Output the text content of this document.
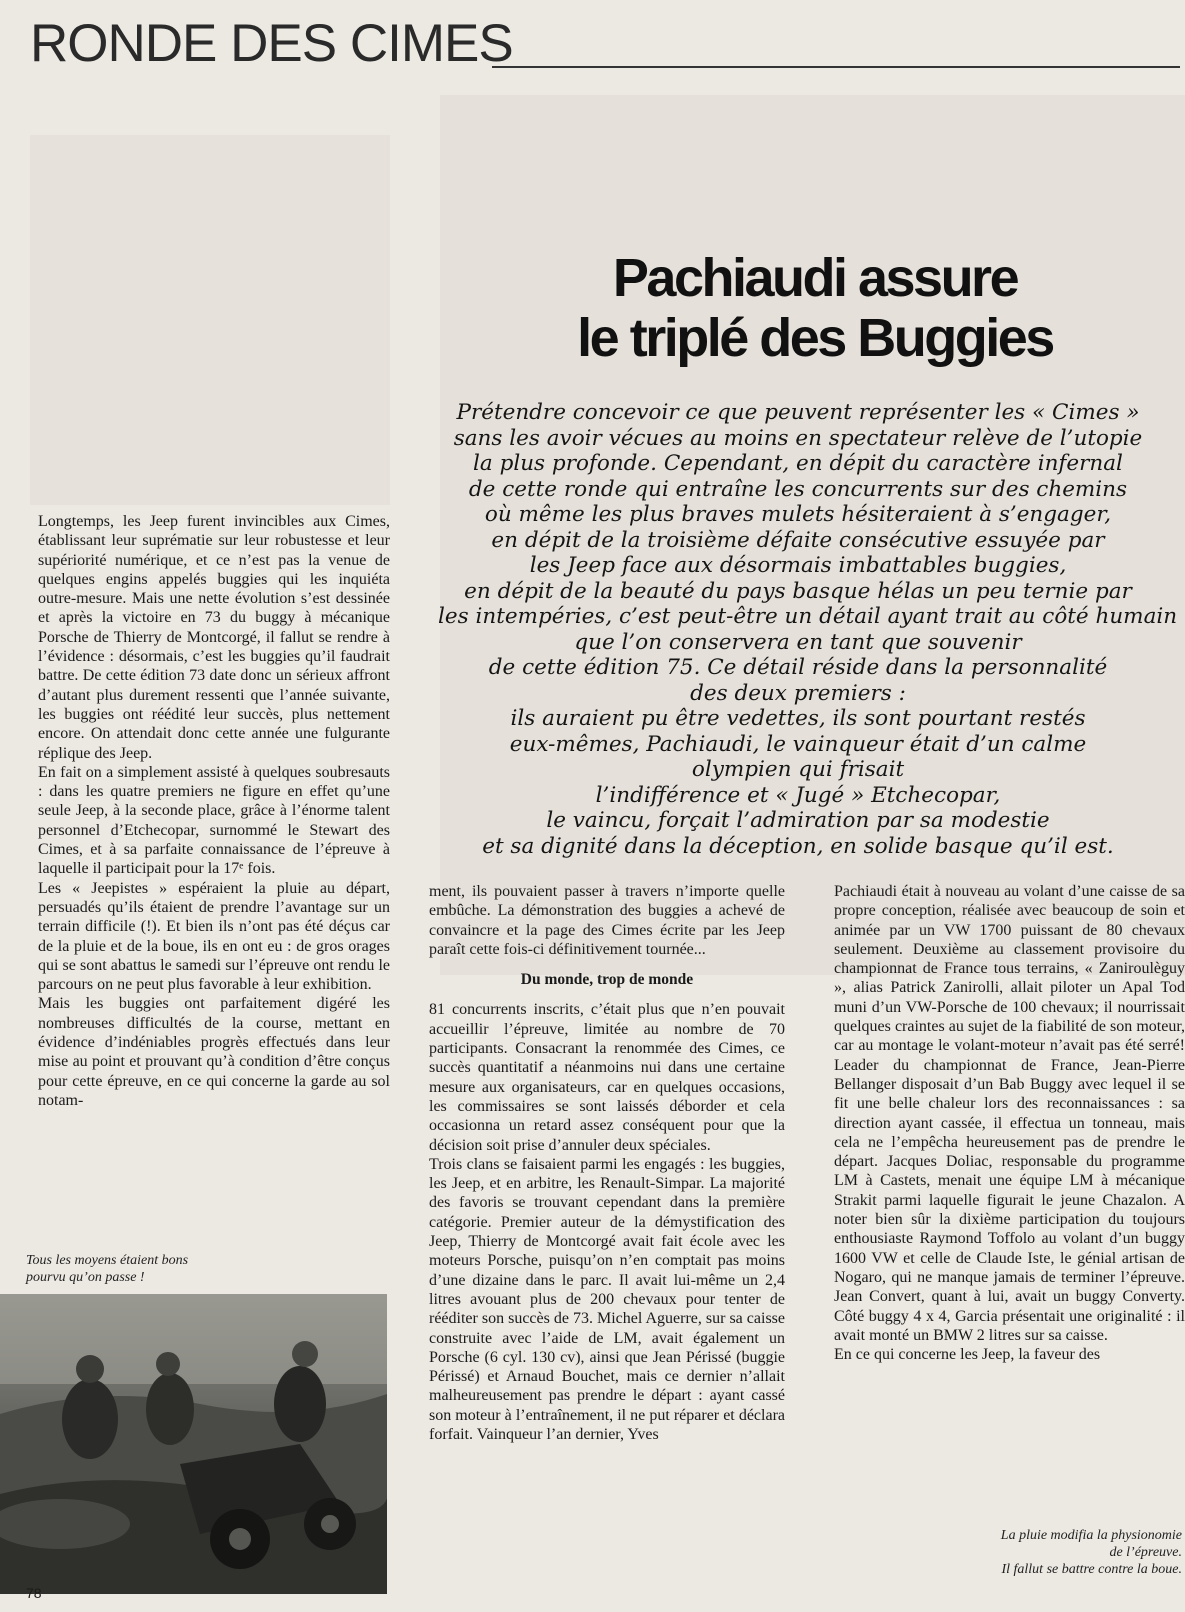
RONDE DES CIMES
Pachiaudi assure
le triplé des Buggies
Prétendre concevoir ce que peuvent représenter les « Cimes »
sans les avoir vécues au moins en spectateur relève de l’utopie
la plus profonde. Cependant, en dépit du caractère infernal
de cette ronde qui entraîne les concurrents sur des chemins
où même les plus braves mulets hésiteraient à s’engager,
en dépit de la troisième défaite consécutive essuyée par
les Jeep face aux désormais imbattables buggies,
en dépit de la beauté du pays basque hélas un peu ternie par
les intempéries, c’est peut-être un détail ayant trait au côté humain
que l’on conservera en tant que souvenir
de cette édition 75. Ce détail réside dans la personnalité
des deux premiers :
ils auraient pu être vedettes, ils sont pourtant restés
eux-mêmes, Pachiaudi, le vainqueur était d’un calme
olympien qui frisait
l’indifférence et « Jugé » Etchecopar,
le vaincu, forçait l’admiration par sa modestie
et sa dignité dans la déception, en solide basque qu’il est.

Longtemps, les Jeep furent invincibles aux Cimes, établissant leur suprématie sur leur robustesse et leur supériorité numérique, et ce n’est pas la venue de quelques engins appelés buggies qui les inquiéta outre-mesure. Mais une nette évolution s’est dessinée et après la victoire en 73 du buggy à mécanique Porsche de Thierry de Montcorgé, il fallut se rendre à l’évidence : désormais, c’est les buggies qu’il faudrait battre. De cette édition 73 date donc un sérieux affront d’autant plus durement ressenti que l’année suivante, les buggies ont réédité leur succès, plus nettement encore. On attendait donc cette année une fulgurante réplique des Jeep.

En fait on a simplement assisté à quelques soubresauts : dans les quatre premiers ne figure en effet qu’une seule Jeep, à la seconde place, grâce à l’énorme talent personnel d’Etchecopar, surnommé le Stewart des Cimes, et à sa parfaite connaissance de l’épreuve à laquelle il participait pour la 17ᵉ fois.

Les « Jeepistes » espéraient la pluie au départ, persuadés qu’ils étaient de prendre l’avantage sur un terrain difficile (!). Et bien ils n’ont pas été déçus car de la pluie et de la boue, ils en ont eu : de gros orages qui se sont abattus le samedi sur l’épreuve ont rendu le parcours on ne peut plus favorable à leur exhibition.

Mais les buggies ont parfaitement digéré les nombreuses difficultés de la course, mettant en évidence d’indéniables progrès effectués dans leur mise au point et prouvant qu’à condition d’être conçus pour cette épreuve, en ce qui concerne la garde au sol notam-

ment, ils pouvaient passer à travers n’importe quelle embûche. La démonstration des buggies a achevé de convaincre et la page des Cimes écrite par les Jeep paraît cette fois-ci définitivement tournée...

Du monde, trop de monde

81 concurrents inscrits, c’était plus que n’en pouvait accueillir l’épreuve, limitée au nombre de 70 participants. Consacrant la renommée des Cimes, ce succès quantitatif a néanmoins nui dans une certaine mesure aux organisateurs, car en quelques occasions, les commissaires se sont laissés déborder et cela occasionna un retard assez conséquent pour que la décision soit prise d’annuler deux spéciales.

Trois clans se faisaient parmi les engagés : les buggies, les Jeep, et en arbitre, les Renault-Simpar. La majorité des favoris se trouvant cependant dans la première catégorie. Premier auteur de la démystification des Jeep, Thierry de Montcorgé avait fait école avec les moteurs Porsche, puisqu’on n’en comptait pas moins d’une dizaine dans le parc. Il avait lui-même un 2,4 litres avouant plus de 200 chevaux pour tenter de rééditer son succès de 73. Michel Aguerre, sur sa caisse construite avec l’aide de LM, avait également un Porsche (6 cyl. 130 cv), ainsi que Jean Périssé (buggie Périssé) et Arnaud Bouchet, mais ce dernier n’allait malheureusement pas prendre le départ : ayant cassé son moteur à l’entraînement, il ne put réparer et déclara forfait. Vainqueur l’an dernier, Yves

Pachiaudi était à nouveau au volant d’une caisse de sa propre conception, réalisée avec beaucoup de soin et animée par un VW 1700 puissant de 80 chevaux seulement. Deuxième au classement provisoire du championnat de France tous terrains, « Zaniroulèguy », alias Patrick Zanirolli, allait piloter un Apal Tod muni d’un VW-Porsche de 100 chevaux; il nourrissait quelques craintes au sujet de la fiabilité de son moteur, car au montage le volant-moteur n’avait pas été serré! Leader du championnat de France, Jean-Pierre Bellanger disposait d’un Bab Buggy avec lequel il se fit une belle chaleur lors des reconnaissances : sa direction ayant cassée, il effectua un tonneau, mais cela ne l’empêcha heureusement pas de prendre le départ. Jacques Doliac, responsable du programme LM à Castets, menait une équipe LM à mécanique Strakit parmi laquelle figurait le jeune Chazalon. A noter bien sûr la dixième participation du toujours enthousiaste Raymond Toffolo au volant d’un buggy 1600 VW et celle de Claude Iste, le génial artisan de Nogaro, qui ne manque jamais de terminer l’épreuve. Jean Convert, quant à lui, avait un buggy Converty. Côté buggy 4 x 4, Garcia présentait une originalité : il avait monté un BMW 2 litres sur sa caisse.

En ce qui concerne les Jeep, la faveur des

Tous les moyens étaient bons
pourvu qu’on passe !
La pluie modifia la physionomie
de l’épreuve.
Il fallut se battre contre la boue.
78
